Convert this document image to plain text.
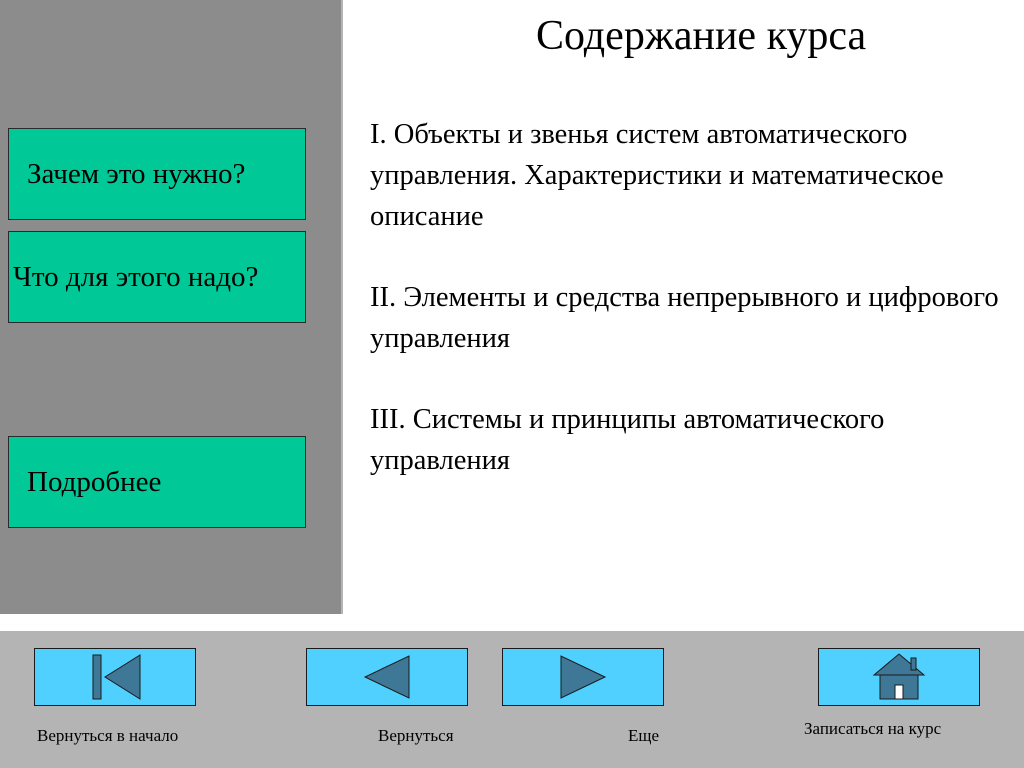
Зачем это нужно?
Что для этого надо?
Подробнее
Содержание курса

I. Объекты и звенья систем автоматического управления. Характеристики и математическое описание

II. Элементы и средства непрерывного и цифрового управления

III. Системы и принципы автоматического управления

Вернуться в начало	Вернуться	Еще	Записаться на курс
